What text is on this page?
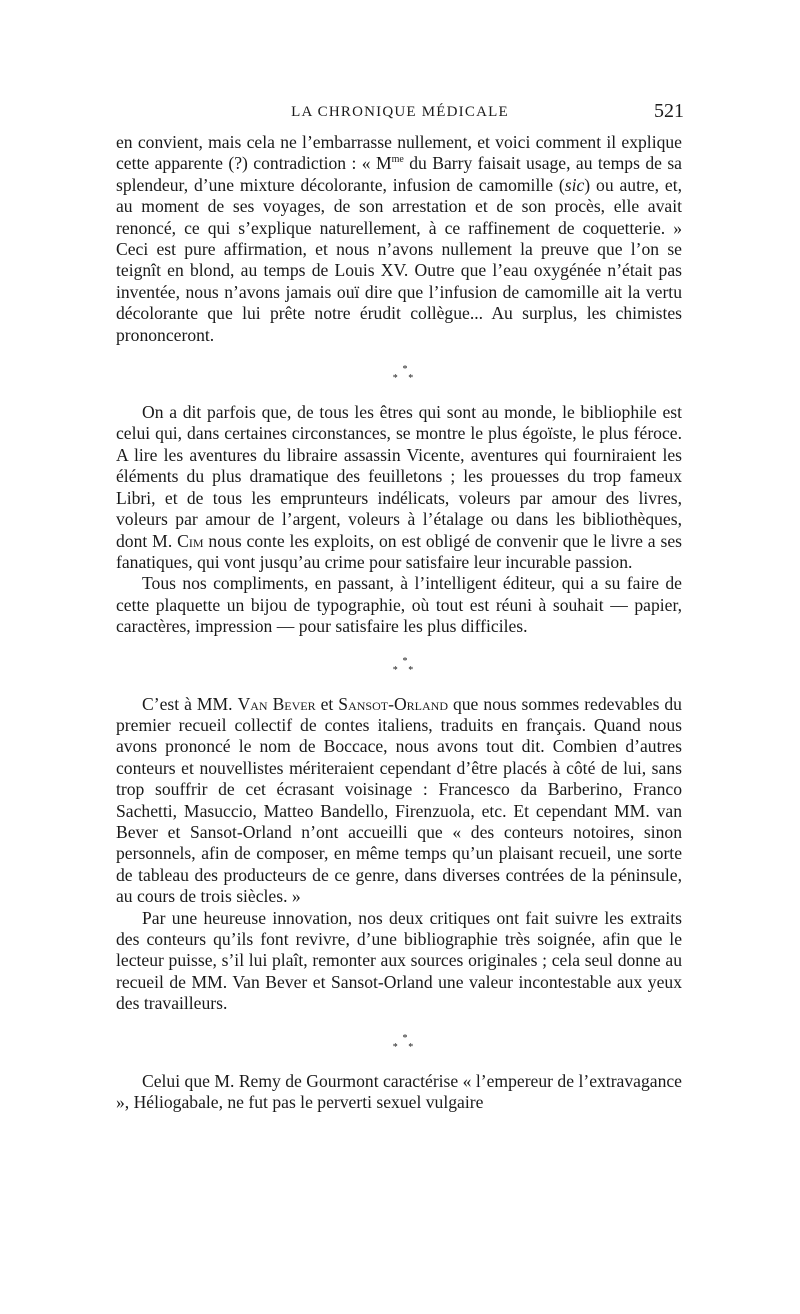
LA CHRONIQUE MÉDICALE	521

en convient, mais cela ne l’embarrasse nullement, et voici comment il explique cette apparente (?) contradiction : « $M^{me}$ du Barry faisait usage, au temps de sa splendeur, d’une mixture décolorante, infusion de camomille (sic) ou autre, et, au moment de ses voyages, de son arrestation et de son procès, elle avait renoncé, ce qui s’explique naturellement, à ce raffinement de coquetterie. » Ceci est pure affirmation, et nous n’avons nullement la preuve que l’on se teignît en blond, au temps de Louis XV. Outre que l’eau oxygénée n’était pas inventée, nous n’avons jamais ouï dire que l’infusion de camomille ait la vertu décolorante que lui prête notre érudit collègue... Au surplus, les chimistes prononceront.

*
* *

On a dit parfois que, de tous les êtres qui sont au monde, le bibliophile est celui qui, dans certaines circonstances, se montre le plus égoïste, le plus féroce. A lire les aventures du libraire assassin Vicente, aventures qui fourniraient les éléments du plus dramatique des feuilletons ; les prouesses du trop fameux Libri, et de tous les emprunteurs indélicats, voleurs par amour des livres, voleurs par amour de l’argent, voleurs à l’étalage ou dans les bibliothèques, dont M. Cim nous conte les exploits, on est obligé de convenir que le livre a ses fanatiques, qui vont jusqu’au crime pour satisfaire leur incurable passion.

Tous nos compliments, en passant, à l’intelligent éditeur, qui a su faire de cette plaquette un bijou de typographie, où tout est réuni à souhait — papier, caractères, impression — pour satisfaire les plus difficiles.

*
* *

C’est à MM. Van Bever et Sansot-Orland que nous sommes redevables du premier recueil collectif de contes italiens, traduits en français. Quand nous avons prononcé le nom de Boccace, nous avons tout dit. Combien d’autres conteurs et nouvellistes mériteraient cependant d’être placés à côté de lui, sans trop souffrir de cet écrasant voisinage : Francesco da Barberino, Franco Sachetti, Masuccio, Matteo Bandello, Firenzuola, etc. Et cependant MM. van Bever et Sansot-Orland n’ont accueilli que « des conteurs notoires, sinon personnels, afin de composer, en même temps qu’un plaisant recueil, une sorte de tableau des producteurs de ce genre, dans diverses contrées de la péninsule, au cours de trois siècles. »

Par une heureuse innovation, nos deux critiques ont fait suivre les extraits des conteurs qu’ils font revivre, d’une bibliographie très soignée, afin que le lecteur puisse, s’il lui plaît, remonter aux sources originales ; cela seul donne au recueil de MM. Van Bever et Sansot-Orland une valeur incontestable aux yeux des travailleurs.

*
* *

Celui que M. Remy de Gourmont caractérise « l’empereur de l’extravagance », Héliogabale, ne fut pas le perverti sexuel vulgaire
